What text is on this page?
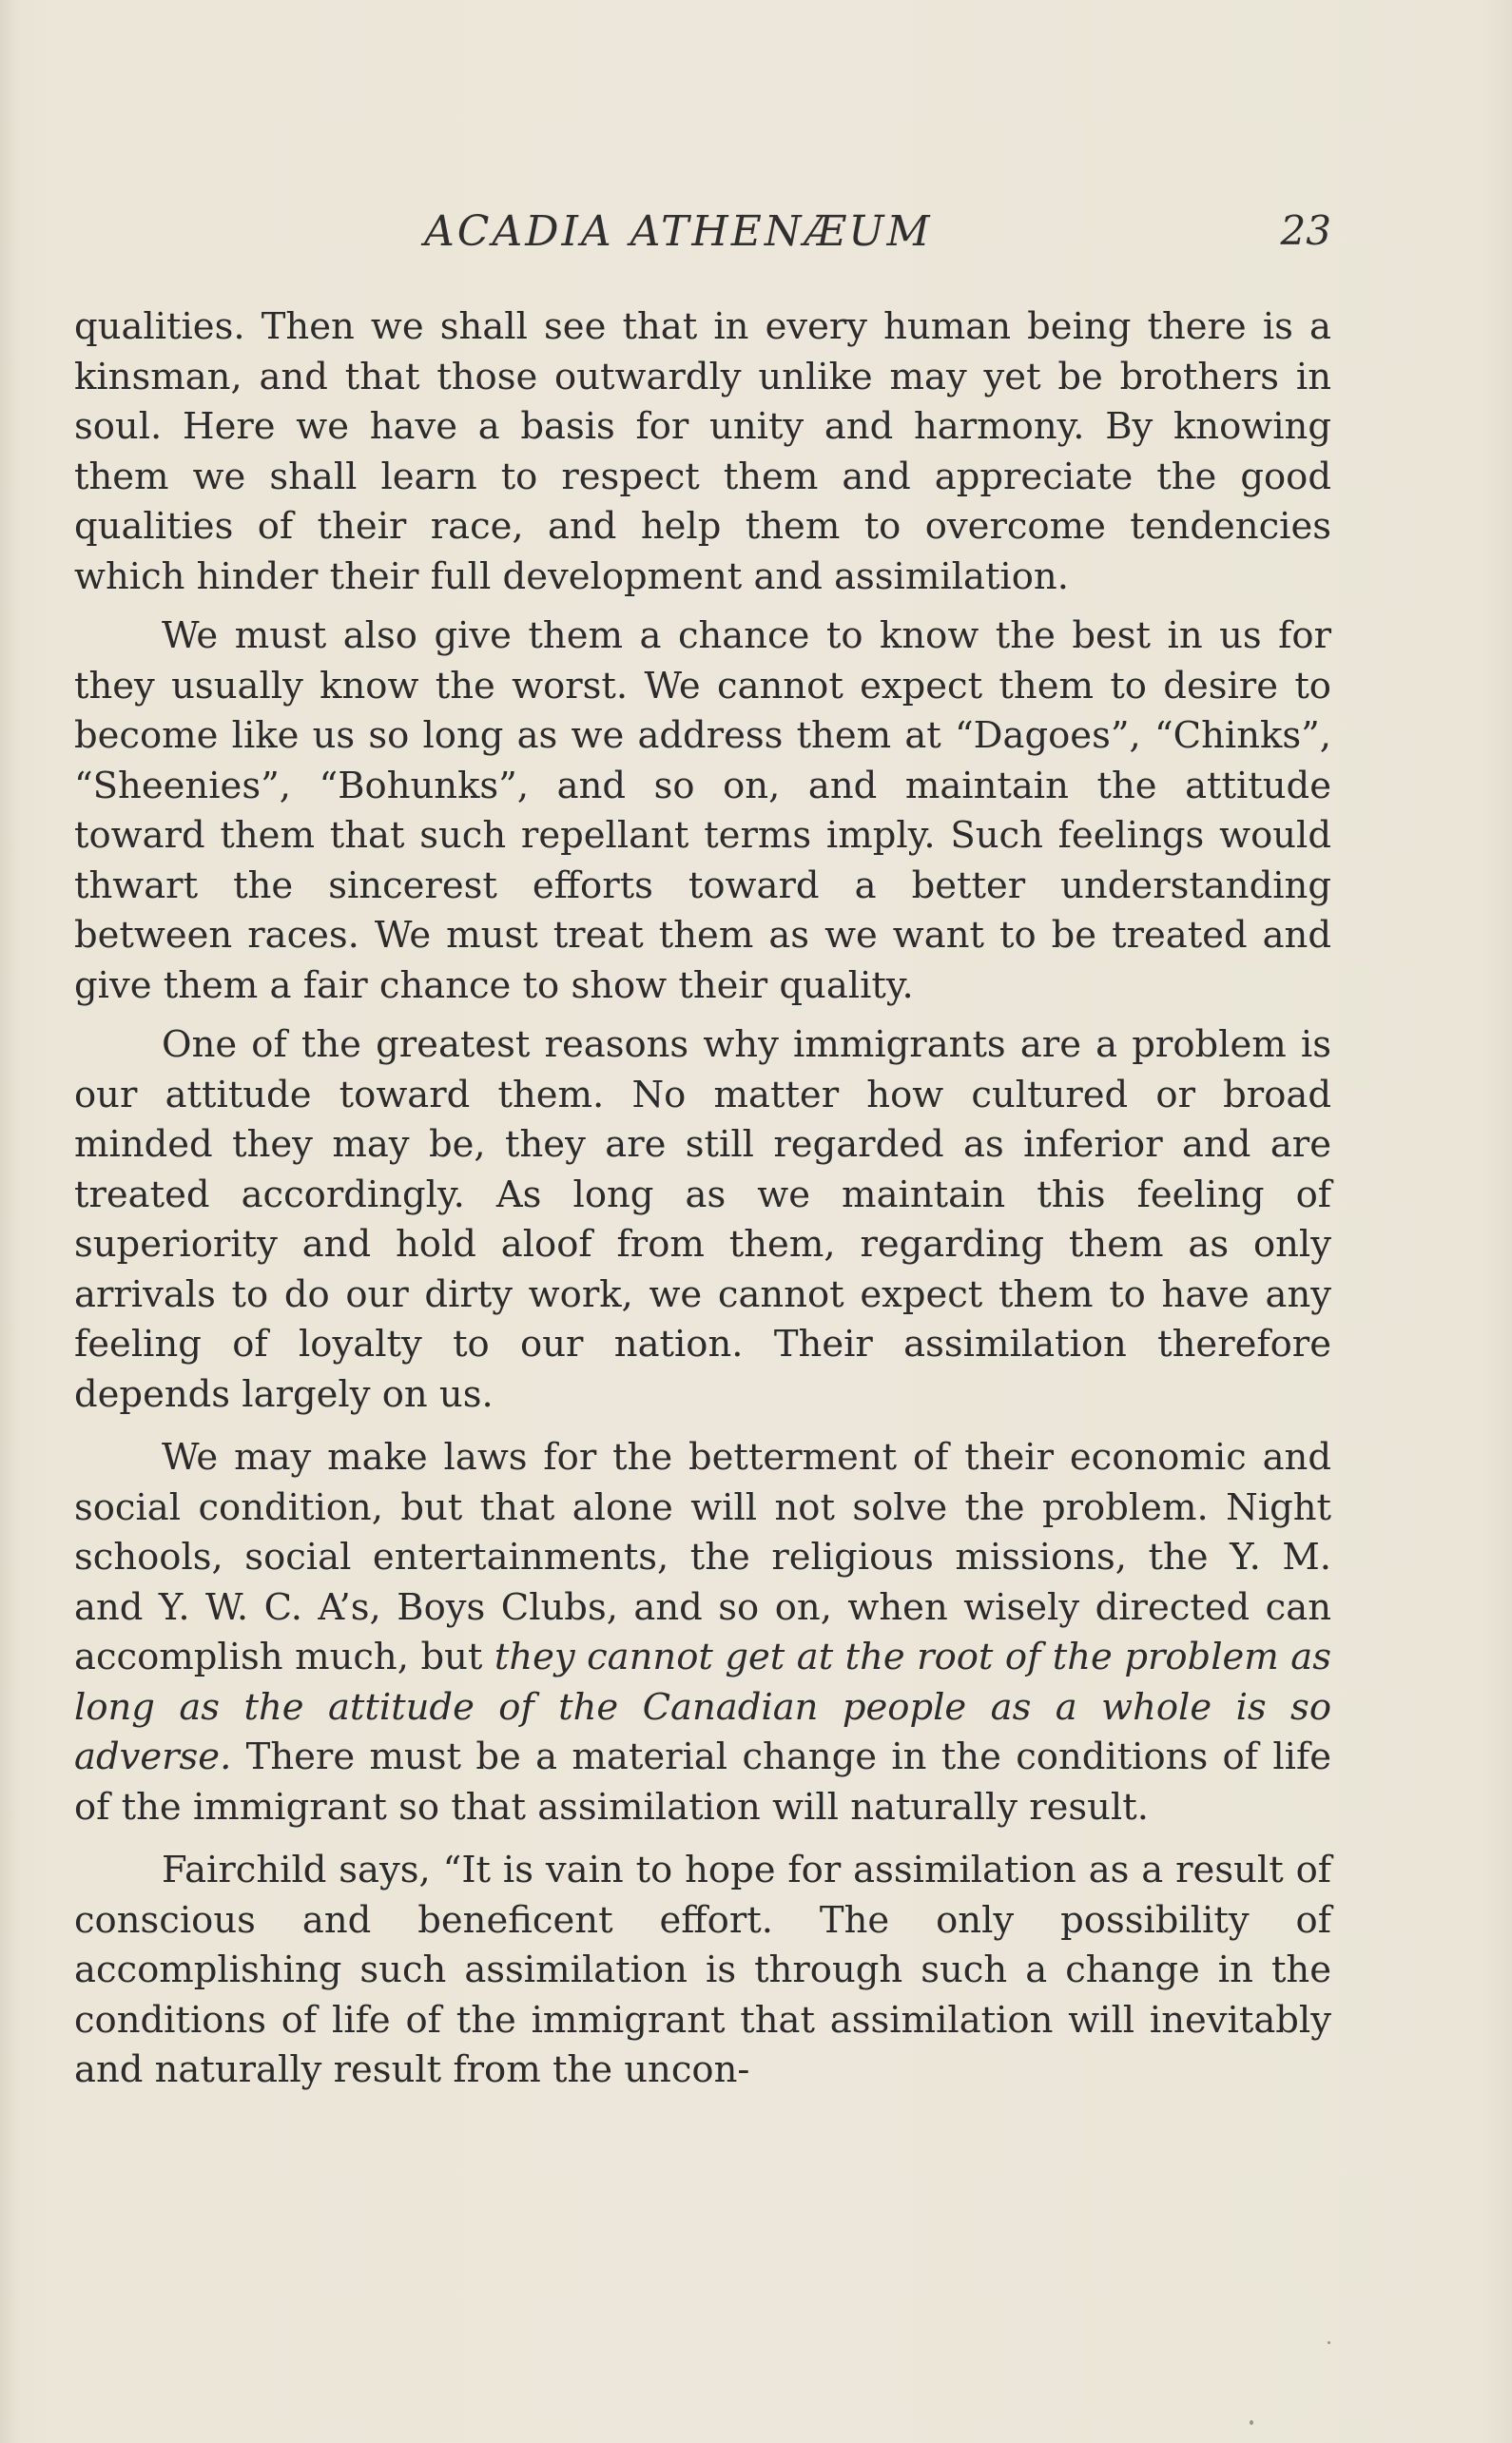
ACADIA ATHENÆUM	23

qualities. Then we shall see that in every human being there is a kinsman, and that those outwardly unlike may yet be brothers in soul. Here we have a basis for unity and harmony. By knowing them we shall learn to respect them and appreciate the good qualities of their race, and help them to overcome tendencies which hinder their full development and assimilation.

We must also give them a chance to know the best in us for they usually know the worst. We cannot expect them to desire to become like us so long as we address them at “Dagoes”, “Chinks”, “Sheenies”, “Bohunks”, and so on, and maintain the attitude toward them that such repellant terms imply. Such feelings would thwart the sincerest efforts toward a better understanding between races. We must treat them as we want to be treated and give them a fair chance to show their quality.

One of the greatest reasons why immigrants are a problem is our attitude toward them. No matter how cultured or broad minded they may be, they are still regarded as inferior and are treated accordingly. As long as we maintain this feeling of superiority and hold aloof from them, regarding them as only arrivals to do our dirty work, we cannot expect them to have any feeling of loyalty to our nation. Their assimilation therefore depends largely on us.

We may make laws for the betterment of their economic and social condition, but that alone will not solve the problem. Night schools, social entertainments, the religious missions, the Y. M. and Y. W. C. A’s, Boys Clubs, and so on, when wisely directed can accomplish much, but they cannot get at the root of the problem as long as the attitude of the Canadian people as a whole is so adverse. There must be a material change in the conditions of life of the immigrant so that assimilation will naturally result.

Fairchild says, “It is vain to hope for assimilation as a result of conscious and beneficent effort. The only possibility of accomplishing such assimilation is through such a change in the conditions of life of the immigrant that assimilation will inevitably and naturally result from the uncon-
